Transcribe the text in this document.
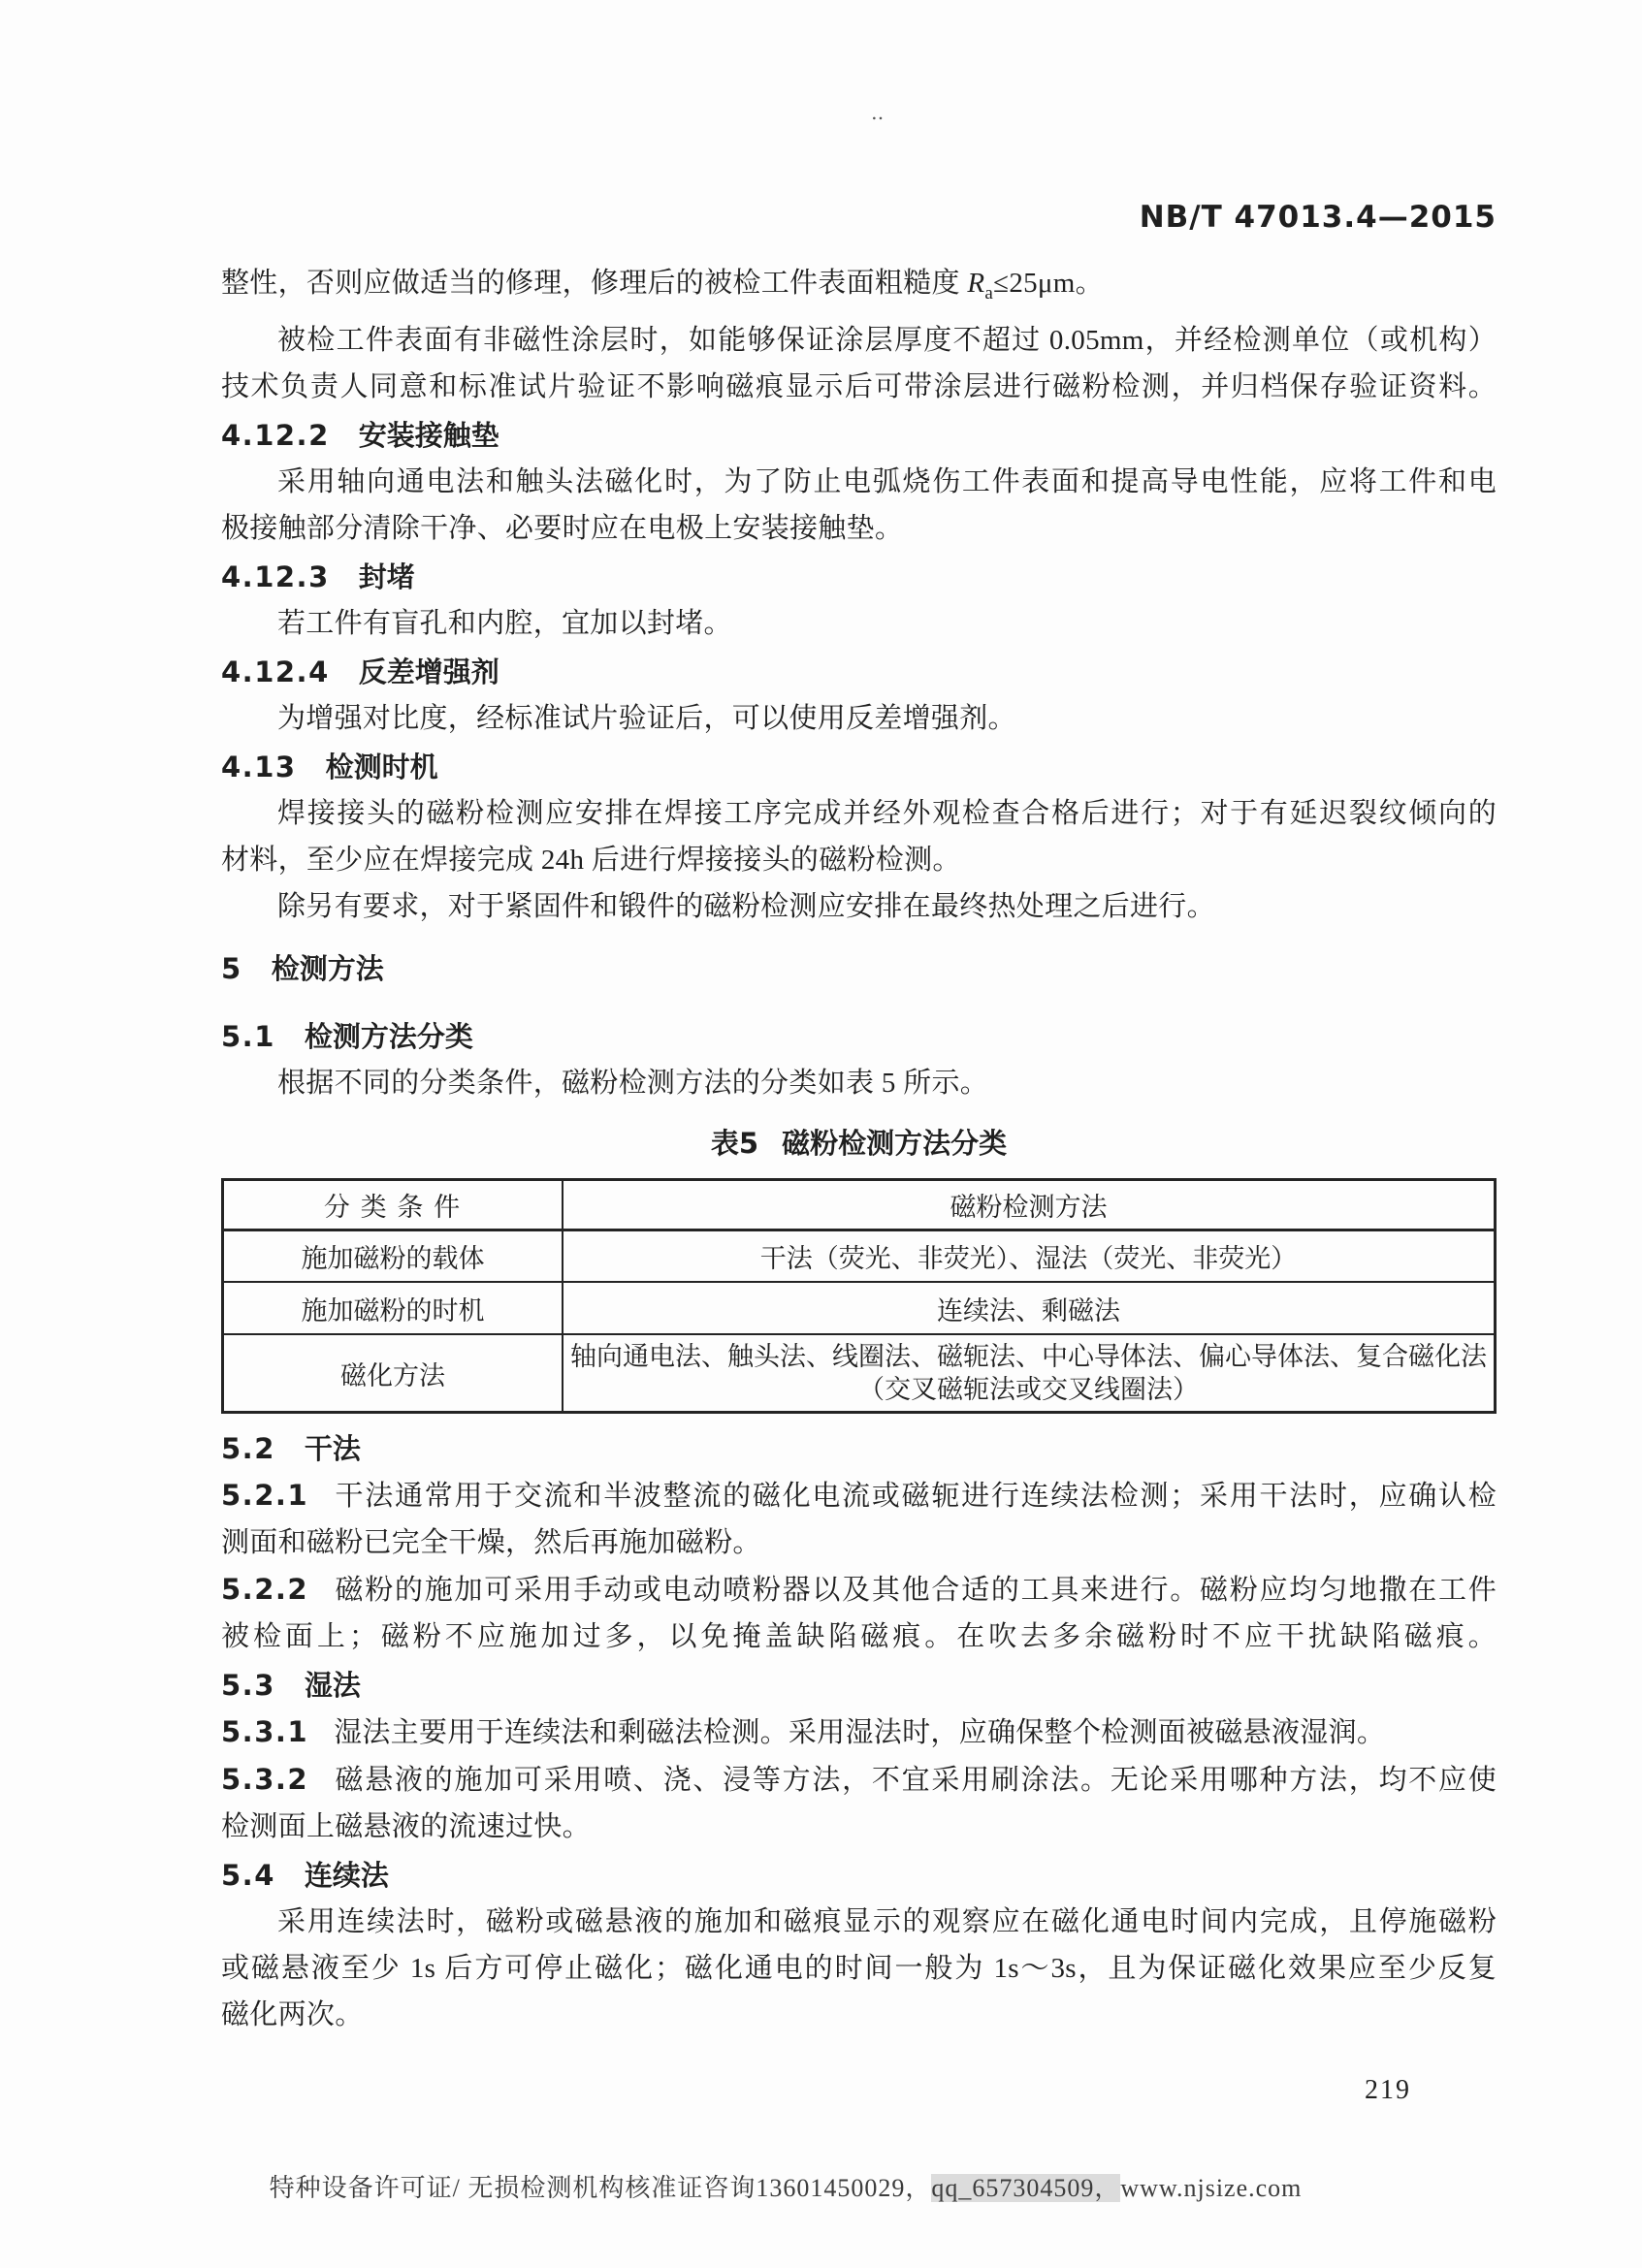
‥
NB/T 47013.4—2015
整性，否则应做适当的修理，修理后的被检工件表面粗糙度 $R_a\le 25\mu m$。
被检工件表面有非磁性涂层时，如能够保证涂层厚度不超过 0.05mm，并经检测单位（或机构）
技术负责人同意和标准试片验证不影响磁痕显示后可带涂层进行磁粉检测，并归档保存验证资料。
4.12.2 安装接触垫
采用轴向通电法和触头法磁化时，为了防止电弧烧伤工件表面和提高导电性能，应将工件和电
极接触部分清除干净、必要时应在电极上安装接触垫。
4.12.3 封堵
若工件有盲孔和内腔，宜加以封堵。
4.12.4 反差增强剂
为增强对比度，经标准试片验证后，可以使用反差增强剂。
4.13 检测时机
焊接接头的磁粉检测应安排在焊接工序完成并经外观检查合格后进行；对于有延迟裂纹倾向的
材料，至少应在焊接完成 24h 后进行焊接接头的磁粉检测。
除另有要求，对于紧固件和锻件的磁粉检测应安排在最终热处理之后进行。
5 检测方法
5.1 检测方法分类
根据不同的分类条件，磁粉检测方法的分类如表 5 所示。
表5 磁粉检测方法分类
分 类 条 件	磁粉检测方法
施加磁粉的载体	干法（荧光、非荧光）、湿法（荧光、非荧光）
施加磁粉的时机	连续法、剩磁法
磁化方法	轴向通电法、触头法、线圈法、磁轭法、中心导体法、偏心导体法、复合磁化法
（交叉磁轭法或交叉线圈法）
5.2 干法
5.2.1 干法通常用于交流和半波整流的磁化电流或磁轭进行连续法检测；采用干法时，应确认检
测面和磁粉已完全干燥，然后再施加磁粉。
5.2.2 磁粉的施加可采用手动或电动喷粉器以及其他合适的工具来进行。磁粉应均匀地撒在工件
被检面上；磁粉不应施加过多，以免掩盖缺陷磁痕。在吹去多余磁粉时不应干扰缺陷磁痕。
5.3 湿法
5.3.1 湿法主要用于连续法和剩磁法检测。采用湿法时，应确保整个检测面被磁悬液湿润。
5.3.2 磁悬液的施加可采用喷、浇、浸等方法，不宜采用刷涂法。无论采用哪种方法，均不应使
检测面上磁悬液的流速过快。
5.4 连续法
采用连续法时，磁粉或磁悬液的施加和磁痕显示的观察应在磁化通电时间内完成，且停施磁粉
或磁悬液至少 1s 后方可停止磁化；磁化通电的时间一般为 1s～3s，且为保证磁化效果应至少反复
磁化两次。
219
特种设备许可证/ 无损检测机构核准证咨询13601450029，qq_657304509，www.njsize.com
